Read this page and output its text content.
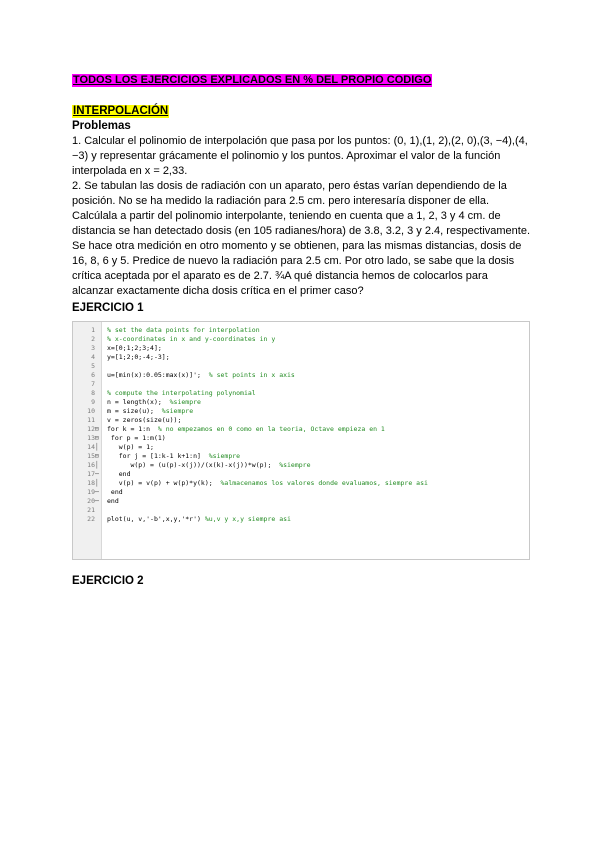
TODOS LOS EJERCICIOS EXPLICADOS EN % DEL PROPIO CODIGO
INTERPOLACIÓN
Problemas

1. Calcular el polinomio de interpolación que pasa por los puntos: (0, 1),(1, 2),(2, 0),(3, −4),(4, −3) y representar grácamente el polinomio y los puntos. Aproximar el valor de la función interpolada en x = 2,33.

2. Se tabulan las dosis de radiación con un aparato, pero éstas varían dependiendo de la posición. No se ha medido la radiación para 2.5 cm. pero interesaría disponer de ella. Calcúlala a partir del polinomio interpolante, teniendo en cuenta que a 1, 2, 3 y 4 cm. de distancia se han detectado dosis (en 105 radianes/hora) de 3.8, 3.2, 3 y 2.4, respectivamente. Se hace otra medición en otro momento y se obtienen, para las mismas distancias, dosis de 16, 8, 6 y 5. Predice de nuevo la radiación para 2.5 cm. Por otro lado, se sabe que la dosis crítica aceptada por el aparato es de 2.7. ¾A qué distancia hemos de colocarlos para alcanzar exactamente dicha dosis crítica en el primer caso?

EJERCICIO 1
1 % set the data points for interpolation
2 % x-coordinates in x and y-coordinates in y
3 x=[0;1;2;3;4];
4 y=[1;2;0;-4;-3];
5
6 u=[min(x):0.05:max(x)]';  % set points in x axis
7
8 % compute the interpolating polynomial
9 n = length(x);  %siempre
10 m = size(u);  %siempre
11 v = zeros(size(u));
12⊟ for k = 1:n  % no empezamos en 0 como en la teoria, Octave empieza en 1
13⊟ for p = 1:m(1)
14│   w(p) = 1;
15⊟   for j = [1:k-1 k+1:n]  %siempre
16│      w(p) = (u(p)-x(j))/(x(k)-x(j))*w(p);  %siempre
17─   end
18│   v(p) = v(p) + w(p)*y(k);  %almacenamos los valores donde evaluamos, siempre asi
19─ end
20─ end
21
22 plot(u, v,'-b',x,y,'*r') %u,v y x,y siempre asi
EJERCICIO 2
